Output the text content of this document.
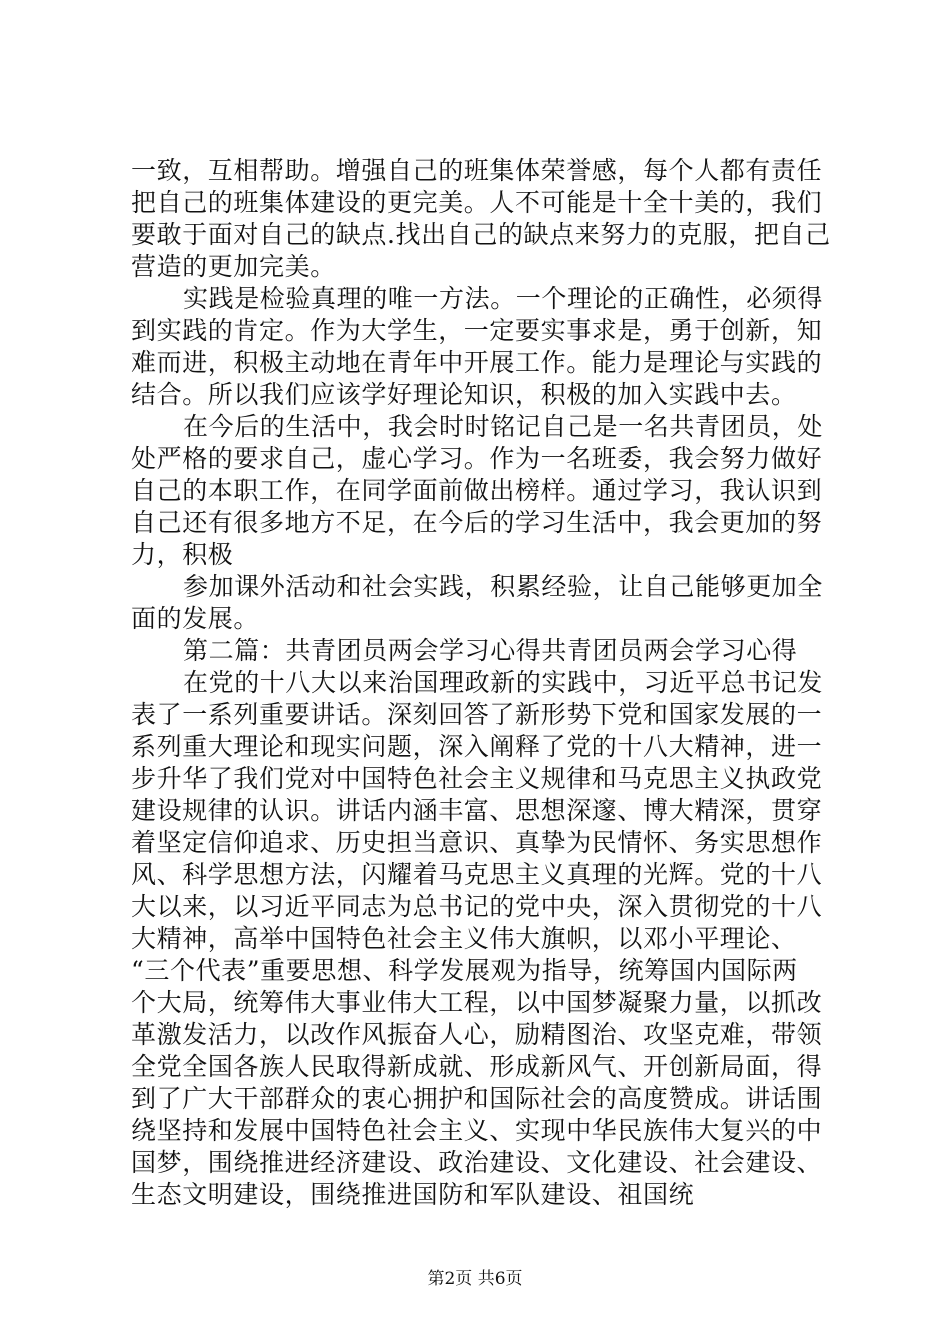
一致，互相帮助。增强自己的班集体荣誉感，每个人都有责任
把自己的班集体建设的更完美。人不可能是十全十美的，我们
要敢于面对自己的缺点.找出自己的缺点来努力的克服，把自己
营造的更加完美。
实践是检验真理的唯一方法。一个理论的正确性，必须得
到实践的肯定。作为大学生，一定要实事求是，勇于创新，知
难而进，积极主动地在青年中开展工作。能力是理论与实践的
结合。所以我们应该学好理论知识，积极的加入实践中去。
在今后的生活中，我会时时铭记自己是一名共青团员，处
处严格的要求自己，虚心学习。作为一名班委，我会努力做好
自己的本职工作，在同学面前做出榜样。通过学习，我认识到
自己还有很多地方不足，在今后的学习生活中，我会更加的努
力，积极
参加课外活动和社会实践，积累经验，让自己能够更加全
面的发展。
第二篇：共青团员两会学习心得共青团员两会学习心得
在党的十八大以来治国理政新的实践中，习近平总书记发
表了一系列重要讲话。深刻回答了新形势下党和国家发展的一
系列重大理论和现实问题，深入阐释了党的十八大精神，进一
步升华了我们党对中国特色社会主义规律和马克思主义执政党
建设规律的认识。讲话内涵丰富、思想深邃、博大精深，贯穿
着坚定信仰追求、历史担当意识、真挚为民情怀、务实思想作
风、科学思想方法，闪耀着马克思主义真理的光辉。党的十八
大以来，以习近平同志为总书记的党中央，深入贯彻党的十八
大精神，高举中国特色社会主义伟大旗帜，以邓小平理论、
“三个代表”重要思想、科学发展观为指导，统筹国内国际两
个大局，统筹伟大事业伟大工程，以中国梦凝聚力量，以抓改
革激发活力，以改作风振奋人心，励精图治、攻坚克难，带领
全党全国各族人民取得新成就、形成新风气、开创新局面，得
到了广大干部群众的衷心拥护和国际社会的高度赞成。讲话围
绕坚持和发展中国特色社会主义、实现中华民族伟大复兴的中
国梦，围绕推进经济建设、政治建设、文化建设、社会建设、
生态文明建设，围绕推进国防和军队建设、祖国统
第2页 共6页
